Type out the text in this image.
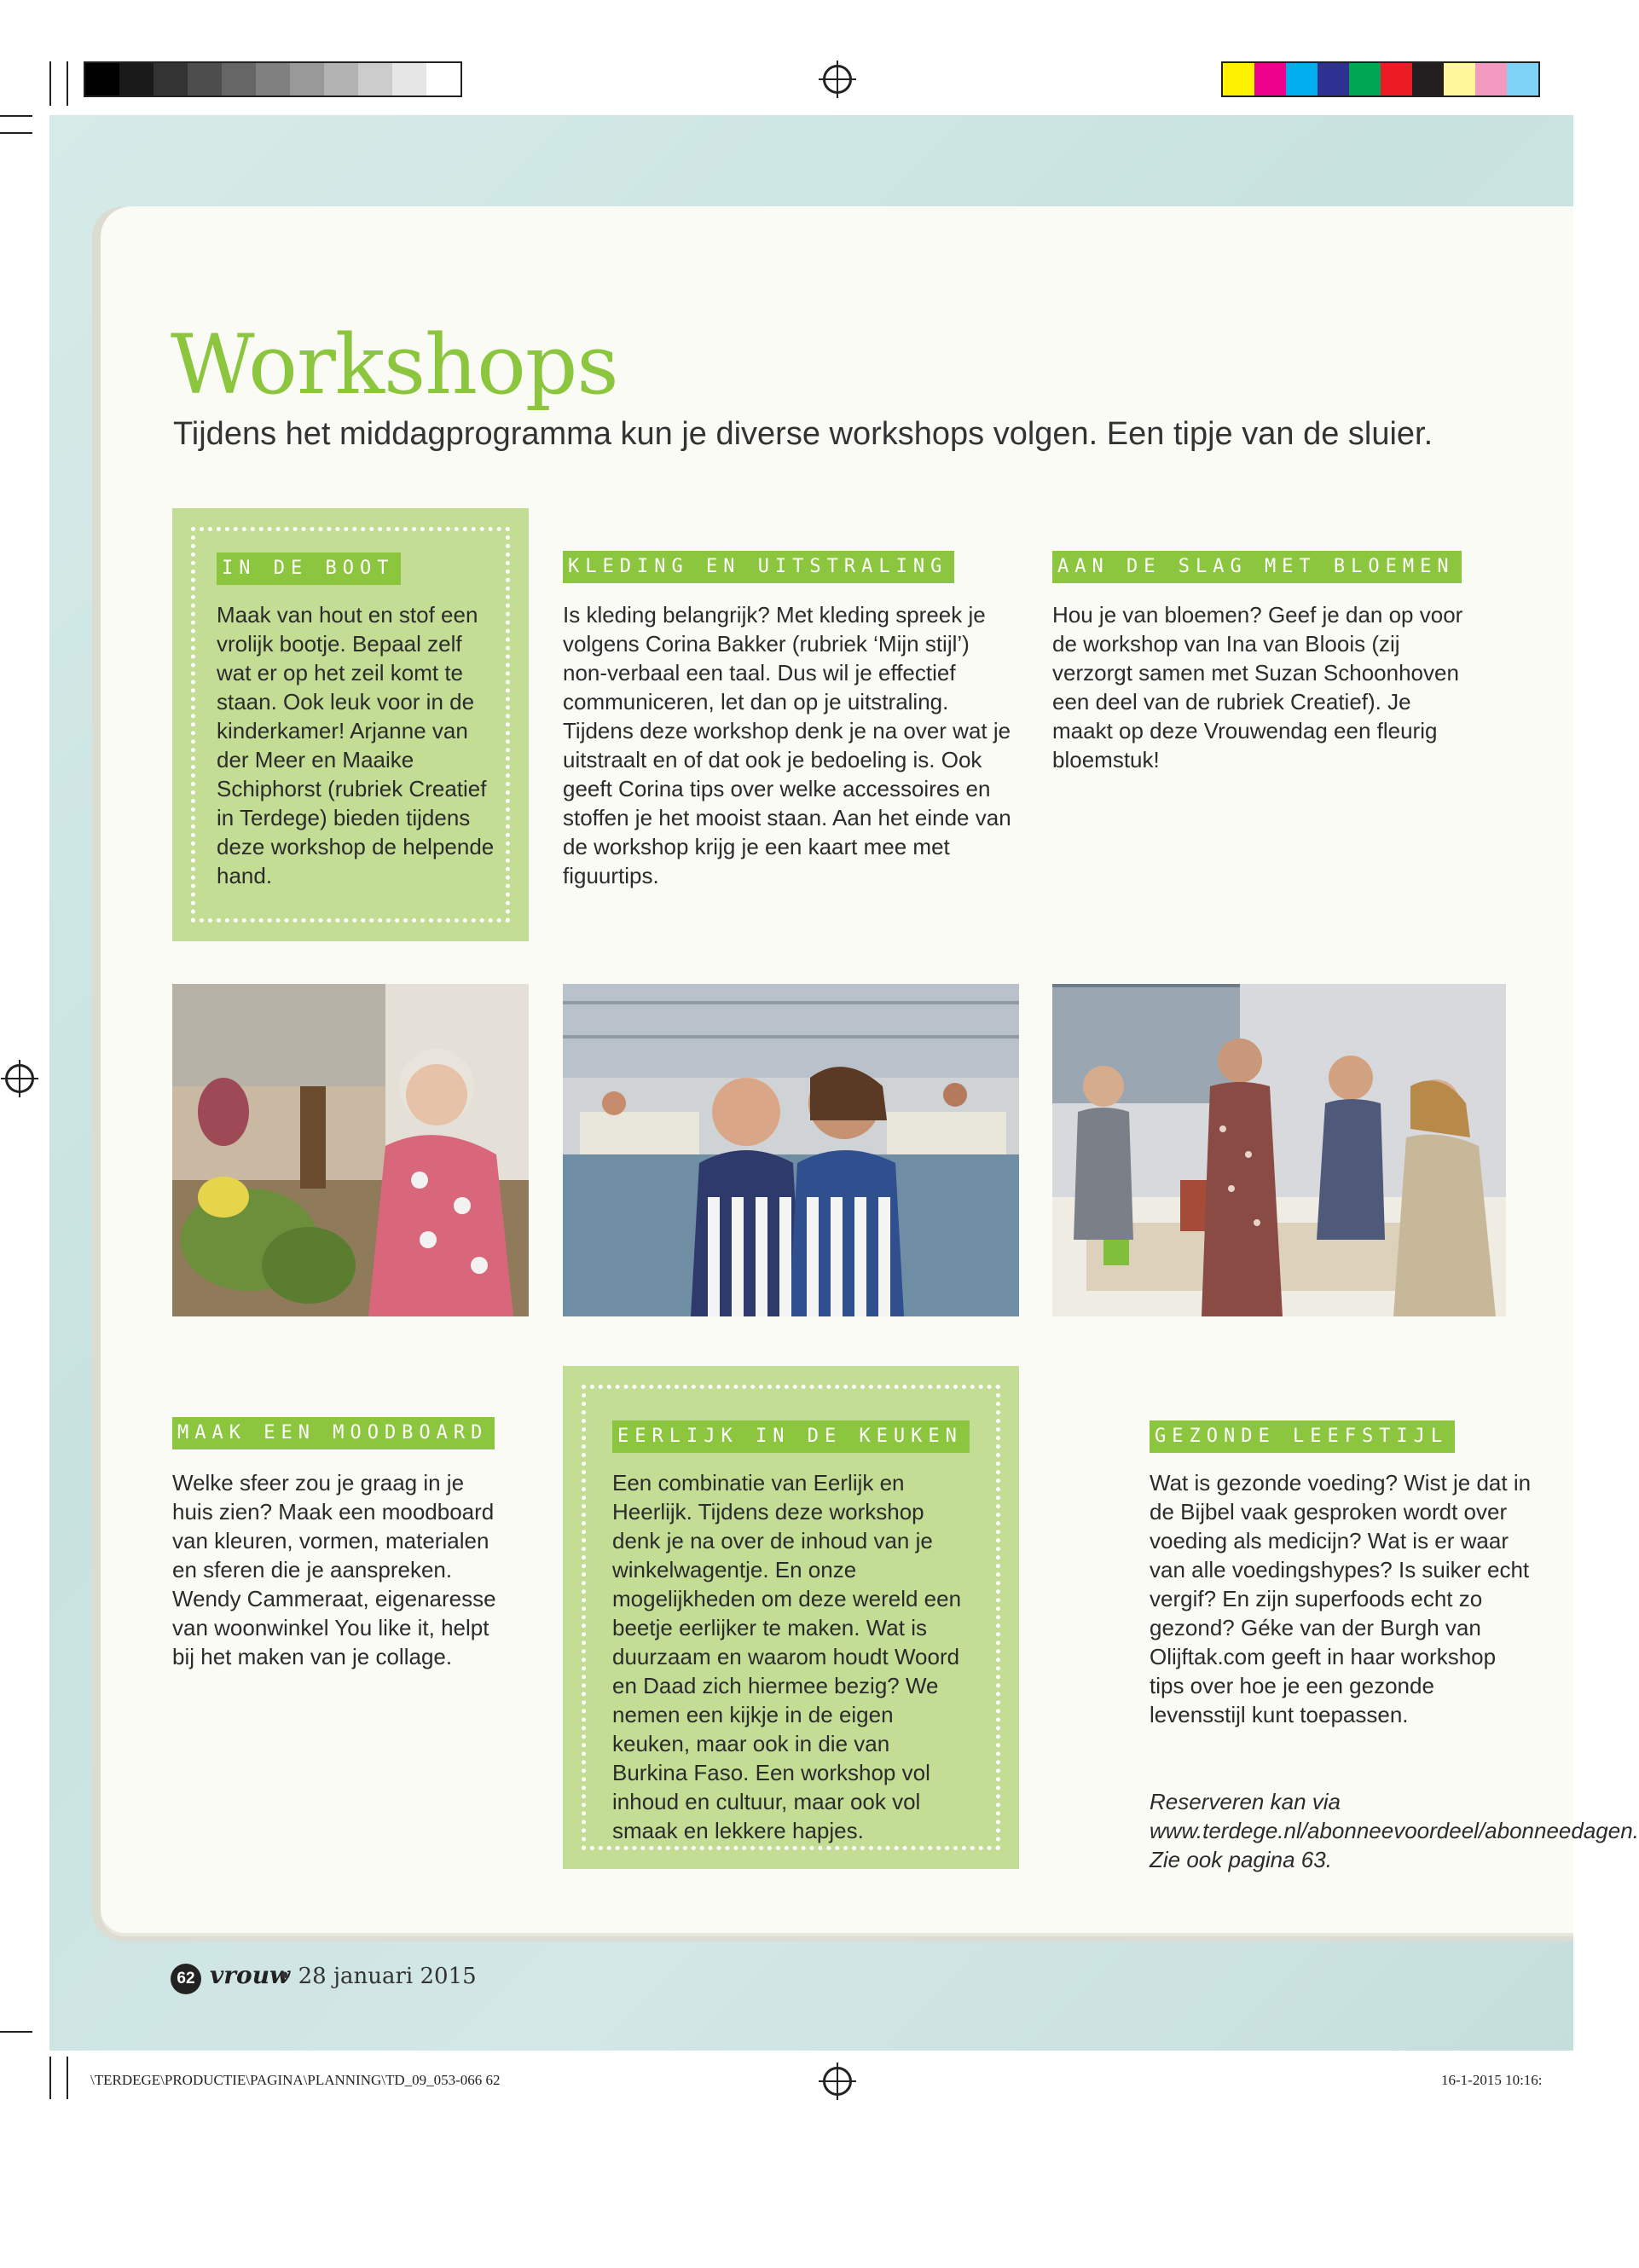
Workshops

Tijdens het middagprogramma kun je diverse workshops volgen. Een tipje van de sluier.

IN DE BOOT

Maak van hout en stof een vrolijk bootje. Bepaal zelf wat er op het zeil komt te staan. Ook leuk voor in de kinderkamer! Arjanne van der Meer en Maaike Schiphorst (rubriek Creatief in Terdege) bieden tijdens deze workshop de helpende hand.

KLEDING EN UITSTRALING

Is kleding belangrijk? Met kleding spreek je volgens Corina Bakker (rubriek ‘Mijn stijl’) non-verbaal een taal. Dus wil je effectief communiceren, let dan op je uitstraling. Tijdens deze workshop denk je na over wat je uitstraalt en of dat ook je bedoeling is. Ook geeft Corina tips over welke accessoires en stoffen je het mooist staan. Aan het einde van de workshop krijg je een kaart mee met figuurtips.

AAN DE SLAG MET BLOEMEN

Hou je van bloemen? Geef je dan op voor de workshop van Ina van Bloois (zij verzorgt samen met Suzan Schoonhoven een deel van de rubriek Creatief). Je maakt op deze Vrouwendag een fleurig bloemstuk!

MAAK EEN MOODBOARD

Welke sfeer zou je graag in je huis zien? Maak een moodboard van kleuren, vormen, materialen en sferen die je aanspreken. Wendy Cammeraat, eigenaresse van woonwinkel You like it, helpt bij het maken van je collage.

EERLIJK IN DE KEUKEN

Een combinatie van Eerlijk en Heerlijk. Tijdens deze workshop denk je na over de inhoud van je winkelwagentje. En onze mogelijkheden om deze wereld een beetje eerlijker te maken. Wat is duurzaam en waarom houdt Woord en Daad zich hiermee bezig? We nemen een kijkje in de eigen keuken, maar ook in die van Burkina Faso. Een workshop vol inhoud en cultuur, maar ook vol smaak en lekkere hapjes.

GEZONDE LEEFSTIJL

Wat is gezonde voeding? Wist je dat in de Bijbel vaak gesproken wordt over voeding als medicijn? Wat is er waar van alle voedingshypes? Is suiker echt vergif? En zijn superfoods echt zo gezond? Géke van der Burgh van Olijftak.com geeft in haar workshop tips over hoe je een gezonde levensstijl kunt toepassen.

Reserveren kan via www.terdege.nl/abonneevoordeel/abonneedagen. Zie ook pagina 63.

62 vrouw
• 28 januari 2015
\TERDEGE\PRODUCTIE\PAGINA\PLANNING\TD_09_053-066 62	16-1-2015 10:16:
